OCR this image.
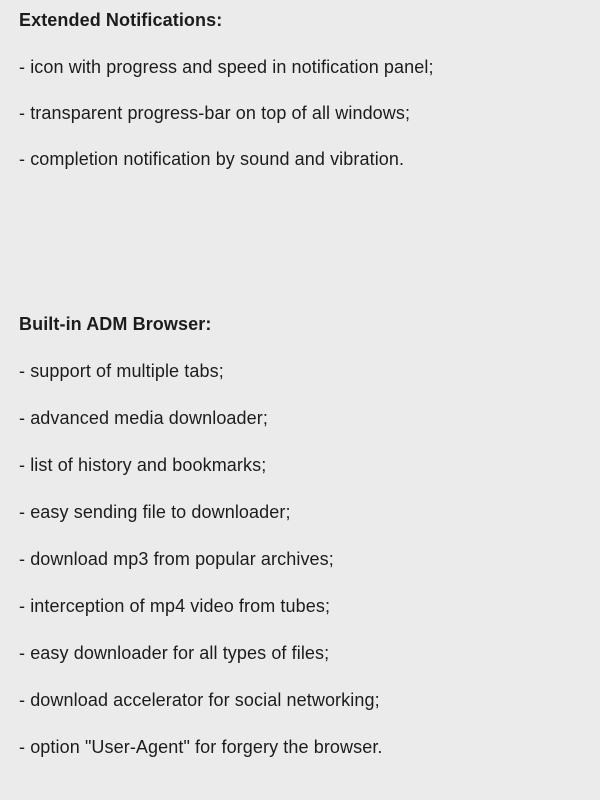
Extended Notifications:
- icon with progress and speed in notification panel;
- transparent progress-bar on top of all windows;
- completion notification by sound and vibration.
Built-in ADM Browser:
- support of multiple tabs;
- advanced media downloader;
- list of history and bookmarks;
- easy sending file to downloader;
- download mp3 from popular archives;
- interception of mp4 video from tubes;
- easy downloader for all types of files;
- download accelerator for social networking;
- option "User-Agent" for forgery the browser.
